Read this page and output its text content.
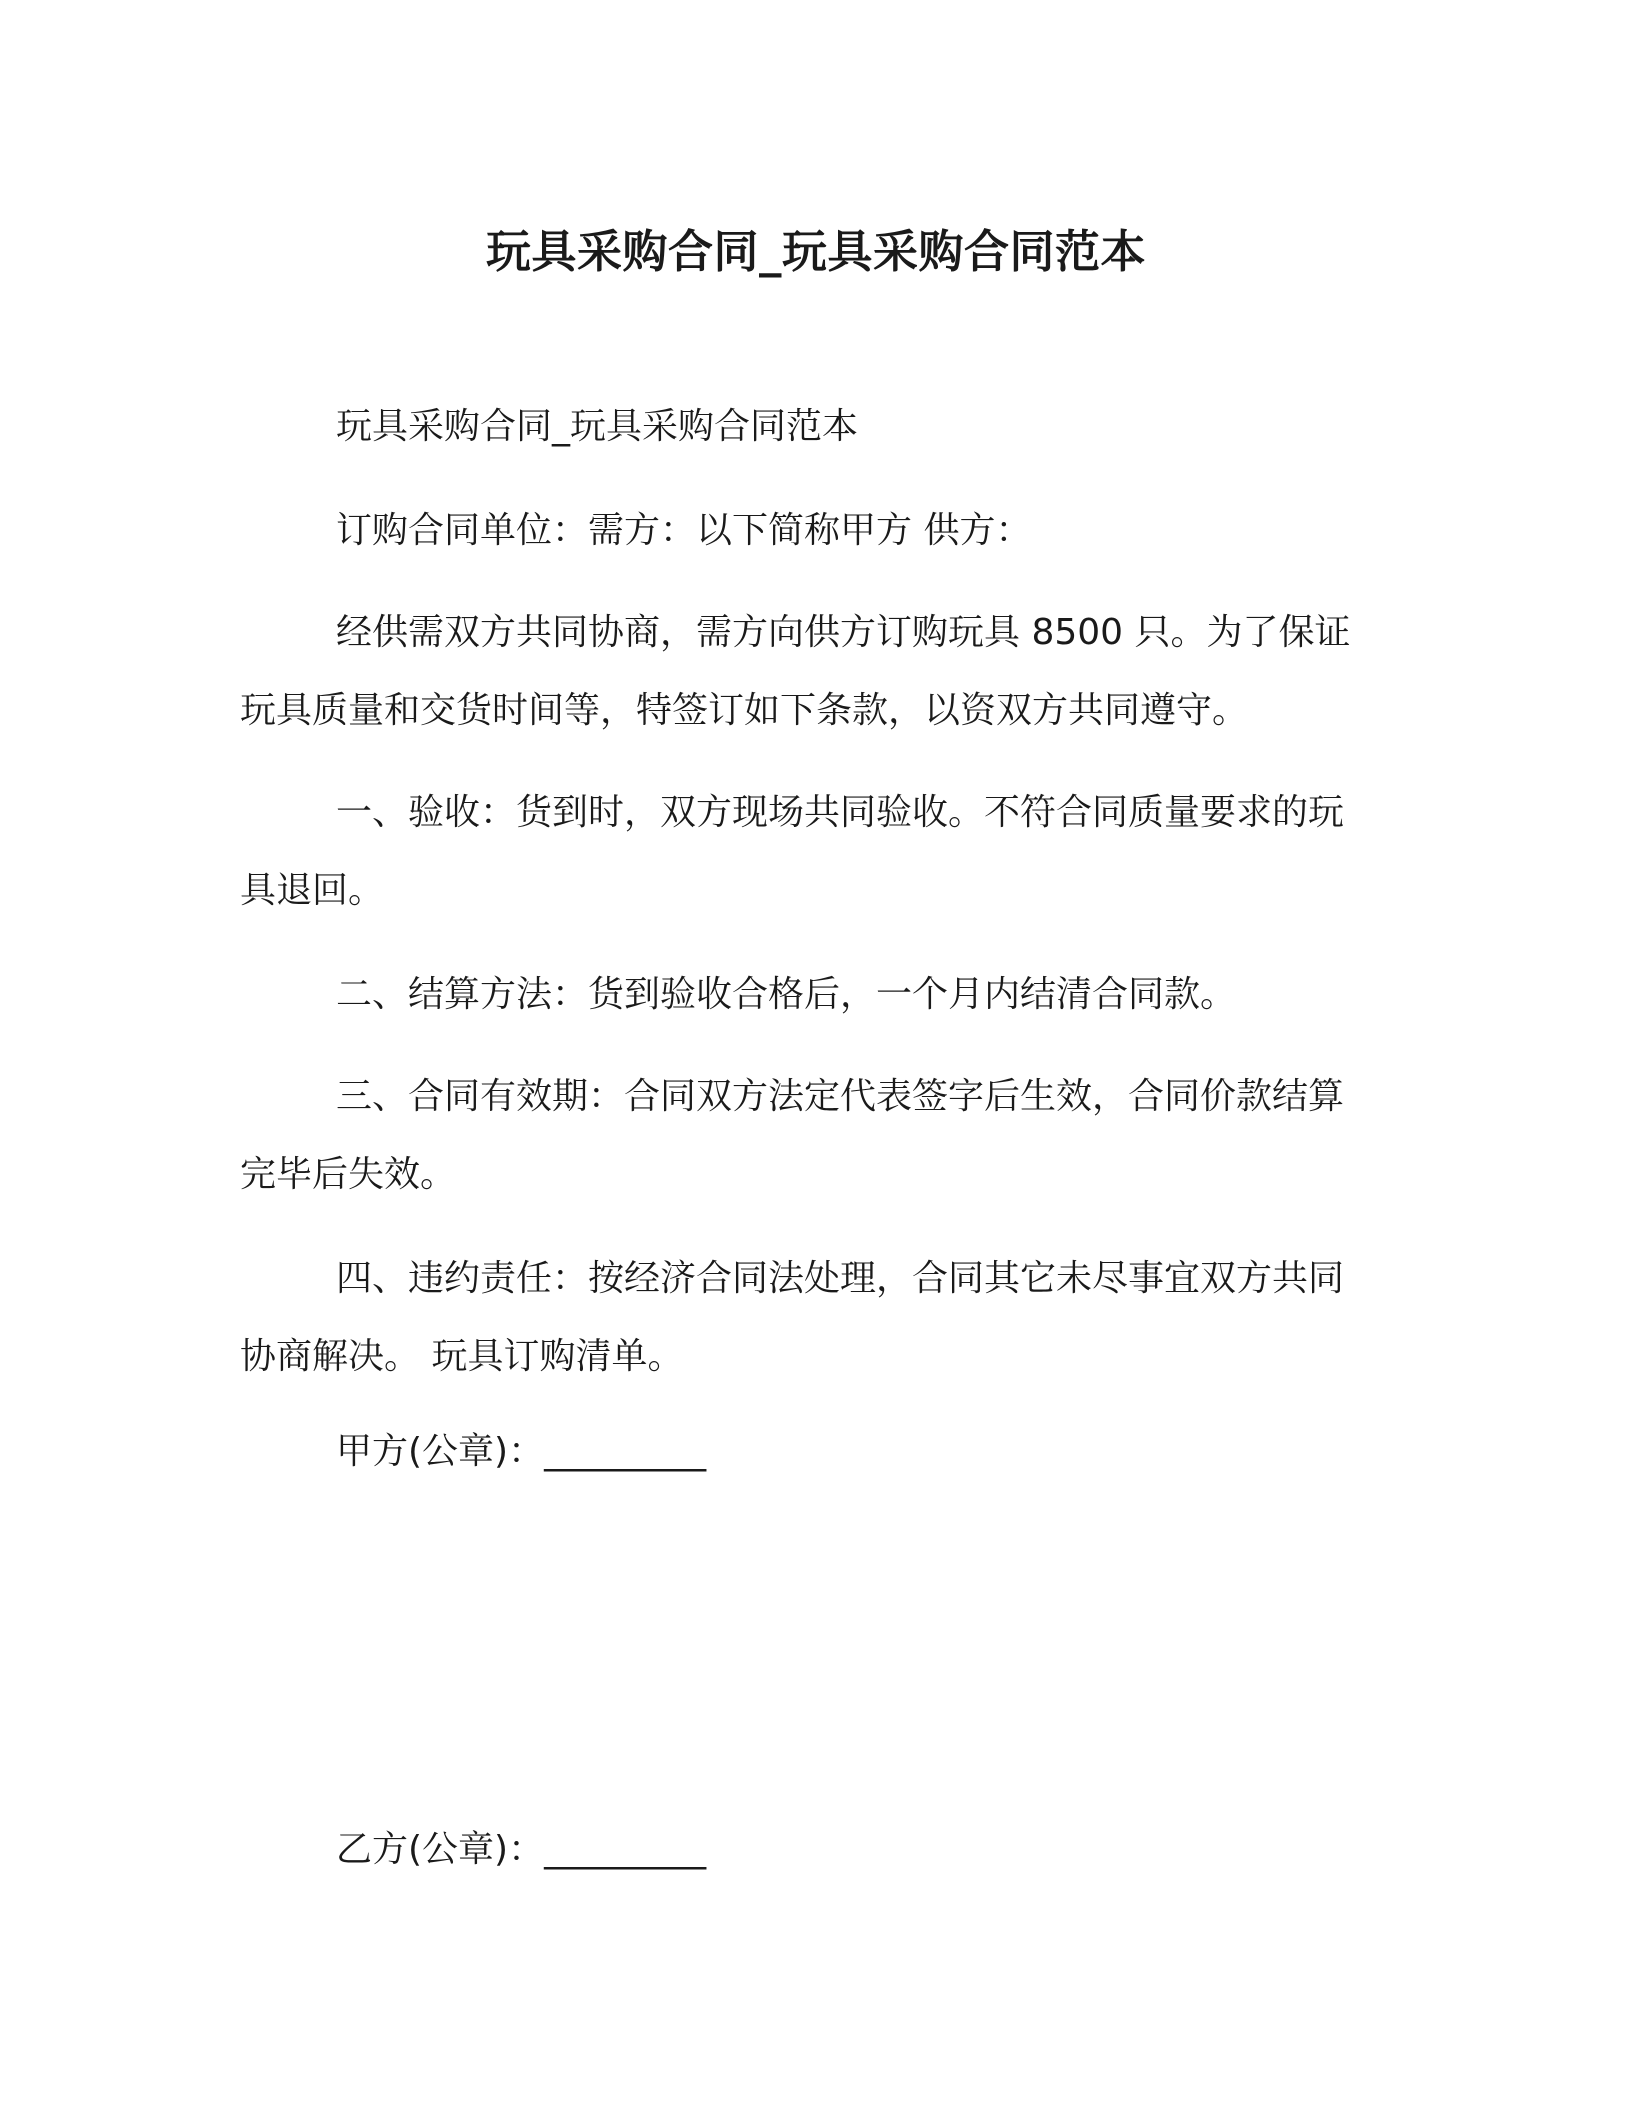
玩具采购合同_玩具采购合同范本

玩具采购合同_玩具采购合同范本

订购合同单位：需方：以下简称甲方 供方：

经供需双方共同协商，需方向供方订购玩具 8500 只。为了保证玩具质量和交货时间等，特签订如下条款，以资双方共同遵守。

一、验收：货到时，双方现场共同验收。不符合同质量要求的玩具退回。

二、结算方法：货到验收合格后，一个月内结清合同款。

三、合同有效期：合同双方法定代表签字后生效，合同价款结算完毕后失效。

四、违约责任：按经济合同法处理，合同其它未尽事宜双方共同协商解决。 玩具订购清单。

甲方(公章)：_________
乙方(公章)：_________
